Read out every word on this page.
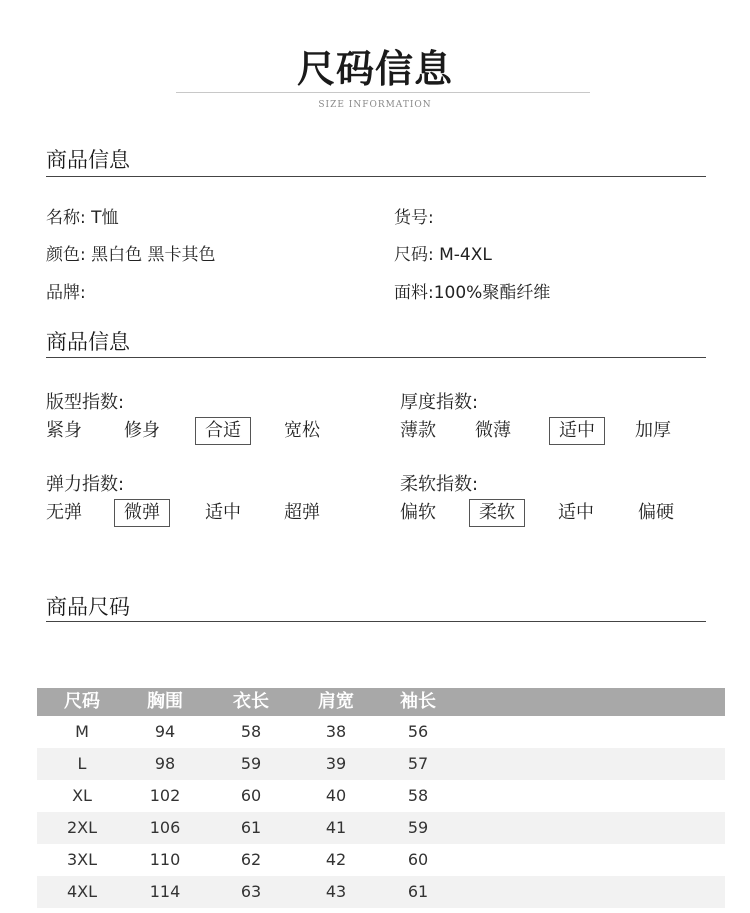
尺码信息
SIZE INFORMATION
商品信息
名称: T恤	货号:
颜色: 黑白色 黑卡其色	尺码: M-4XL
品牌:	面料:100%聚酯纤维
商品信息
版型指数:
紧身 修身	合适	宽松
厚度指数:
薄款 微薄	适中	加厚
弹力指数:
无弹	微弹	适中 超弹
柔软指数:
偏软	柔软	适中 偏硬
商品尺码
尺码	胸围	衣长	肩宽	袖长
M	94	58	38	56
L	98	59	39	57
XL	102	60	40	58
2XL	106	61	41	59
3XL	110	62	42	60
4XL	114	63	43	61
